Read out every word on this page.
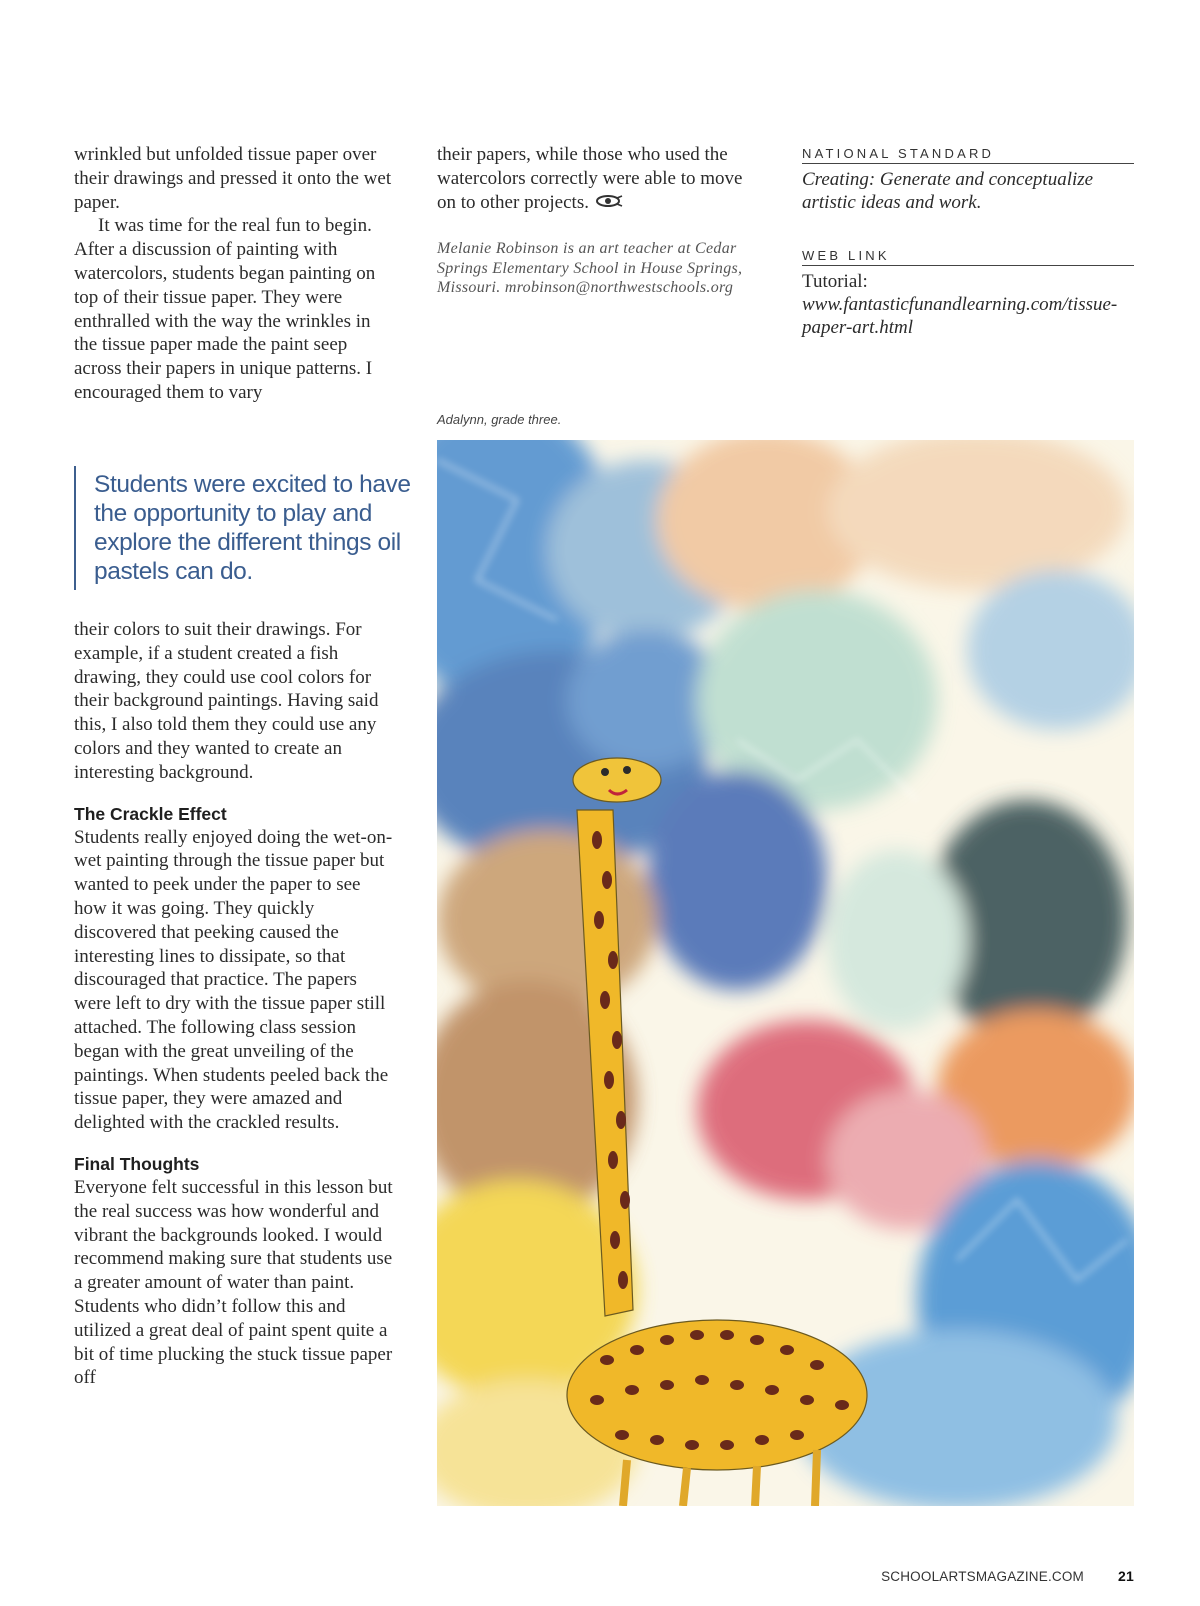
wrinkled but unfolded tissue paper over their drawings and pressed it onto the wet paper.

It was time for the real fun to begin. After a discussion of painting with watercolors, students began painting on top of their tissue paper. They were enthralled with the way the wrinkles in the tissue paper made the paint seep across their papers in unique patterns. I encouraged them to vary

Students were excited to have the opportunity to play and explore the different things oil pastels can do.

their colors to suit their drawings. For example, if a student created a fish drawing, they could use cool colors for their background paintings. Having said this, I also told them they could use any colors and they wanted to create an interesting background.

The Crackle Effect

Students really enjoyed doing the wet-on-wet painting through the tissue paper but wanted to peek under the paper to see how it was going. They quickly discovered that peeking caused the interesting lines to dissipate, so that discouraged that practice. The papers were left to dry with the tissue paper still attached. The following class session began with the great unveiling of the paintings. When students peeled back the tissue paper, they were amazed and delighted with the crackled results.

Final Thoughts

Everyone felt successful in this lesson but the real success was how wonderful and vibrant the backgrounds looked. I would recommend making sure that students use a greater amount of water than paint. Students who didn’t follow this and utilized a great deal of paint spent quite a bit of time plucking the stuck tissue paper off

their papers, while those who used the watercolors correctly were able to move on to other projects.

Melanie Robinson is an art teacher at Cedar Springs Elementary School in House Springs, Missouri. mrobinson@northwestschools.org

NATIONAL STANDARD

Creating: Generate and conceptualize artistic ideas and work.

WEB LINK

Tutorial: www.fantasticfunandlearning.com/tissue-paper-art.html

Adalynn, grade three.
SCHOOLARTSMAGAZINE.COM 21
